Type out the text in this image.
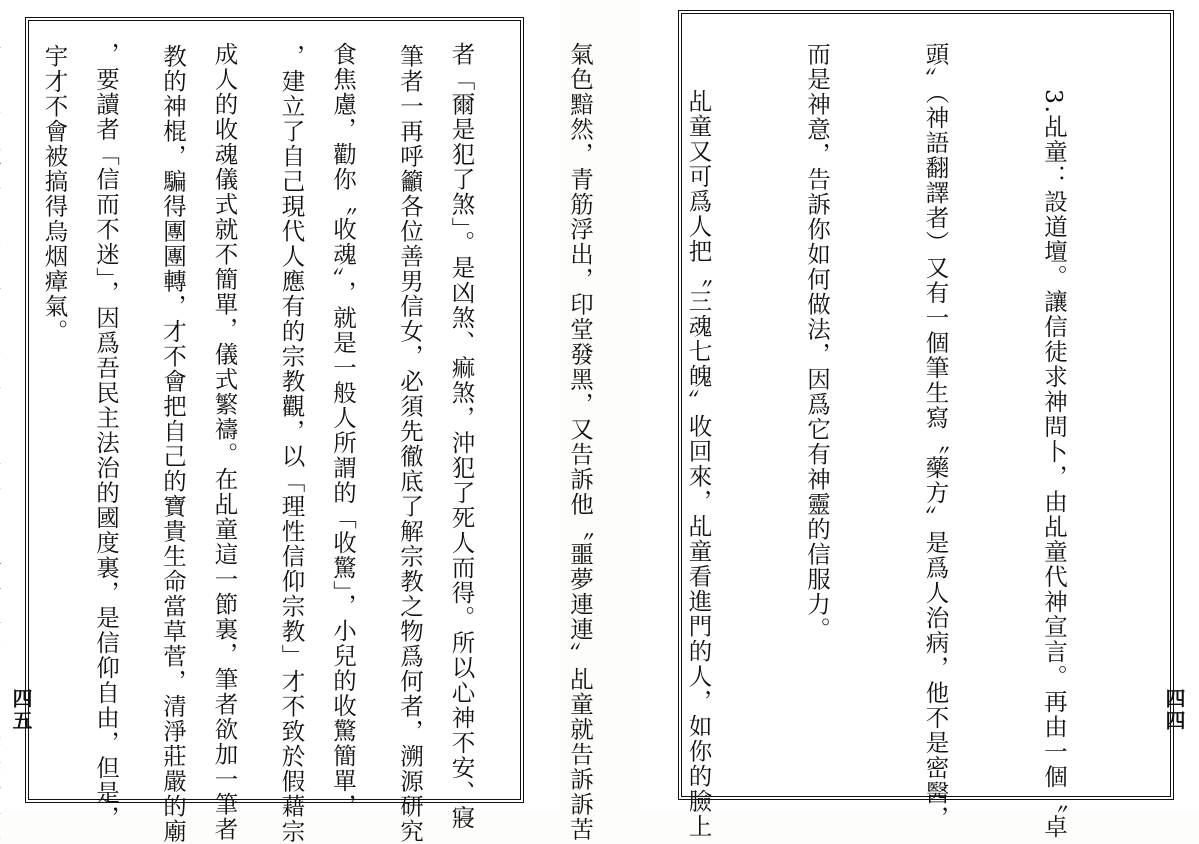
筆者一再呼籲各位善男信女，必須先徹底了解宗教之物爲何者，溯源研究

，建立了自己現代人應有的宗教觀，以「理性信仰宗教」才不致於假藉宗

教的神棍，騙得團團轉，才不會把自己的寶貴生命當草菅，清淨莊嚴的廟

宇才不會被搞得烏烟瘴氣。

四五

	3.乩童：設道壇。讓信徒求神問卜，由乩童代神宣言。再由一個〝卓

頭〞（神語翻譯者）又有一個筆生寫〝藥方〞是爲人治病，他不是密醫，

而是神意，告訴你如何做法，因爲它有神靈的信服力。

乩童又可爲人把〝三魂七魄〞收回來，乩童看進門的人，如你的臉上

氣色黯然，青筋浮出，印堂發黑，又告訴他〝噩夢連連〞乩童就告訴訴苦

者「爾是犯了煞」。是凶煞、痲煞，沖犯了死人而得。所以心神不安、寢

食焦慮，勸你〝收魂〞，就是一般人所謂的「收驚」，小兒的收驚簡單，

成人的收魂儀式就不簡單，儀式繁禱。在乩童這一節裏，筆者欲加一筆者

，要讀者「信而不迷」，因爲吾民主法治的國度裏，是信仰自由，但是，

	四四
